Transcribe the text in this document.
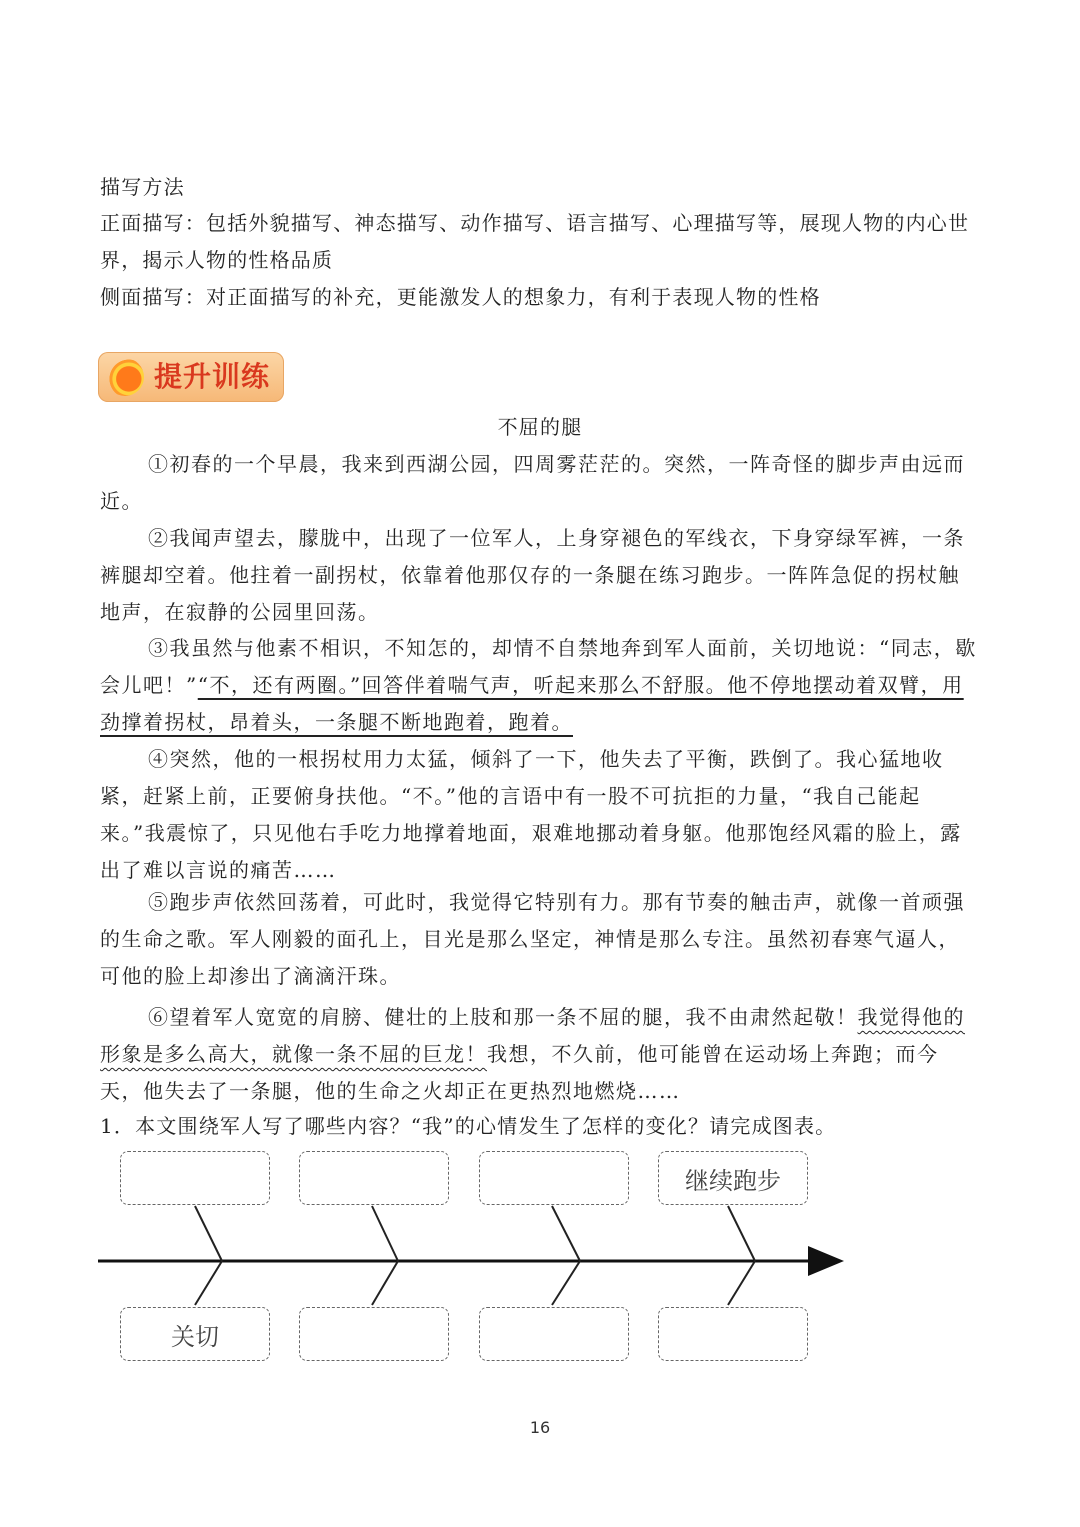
描写方法
正面描写：包括外貌描写、神态描写、动作描写、语言描写、心理描写等，展现人物的内心世
界，揭示人物的性格品质
侧面描写：对正面描写的补充，更能激发人的想象力，有利于表现人物的性格
提升训练
不屈的腿
①初春的一个早晨，我来到西湖公园，四周雾茫茫的。突然，一阵奇怪的脚步声由远而近。
②我闻声望去，朦胧中，出现了一位军人，上身穿褪色的军线衣，下身穿绿军裤，一条裤腿却空着。他拄着一副拐杖，依靠着他那仅存的一条腿在练习跑步。一阵阵急促的拐杖触地声，在寂静的公园里回荡。
③我虽然与他素不相识，不知怎的，却情不自禁地奔到军人面前，关切地说：“同志，歇会儿吧！”“不，还有两圈。”回答伴着喘气声，听起来那么不舒服。他不停地摆动着双臂，用劲撑着拐杖，昂着头，一条腿不断地跑着，跑着。
④突然，他的一根拐杖用力太猛，倾斜了一下，他失去了平衡，跌倒了。我心猛地收紧，赶紧上前，正要俯身扶他。“不。”他的言语中有一股不可抗拒的力量，“我自己能起来。”我震惊了，只见他右手吃力地撑着地面，艰难地挪动着身躯。他那饱经风霜的脸上，露出了难以言说的痛苦……
⑤跑步声依然回荡着，可此时，我觉得它特别有力。那有节奏的触击声，就像一首顽强的生命之歌。军人刚毅的面孔上，目光是那么坚定，神情是那么专注。虽然初春寒气逼人，可他的脸上却渗出了滴滴汗珠。
⑥望着军人宽宽的肩膀、健壮的上肢和那一条不屈的腿，我不由肃然起敬！我觉得他的形象是多么高大，就像一条不屈的巨龙！我想，不久前，他可能曾在运动场上奔跑；而今天，他失去了一条腿，他的生命之火却正在更热烈地燃烧……
1．本文围绕军人写了哪些内容？“我”的心情发生了怎样的变化？请完成图表。
继续跑步
关切
16
